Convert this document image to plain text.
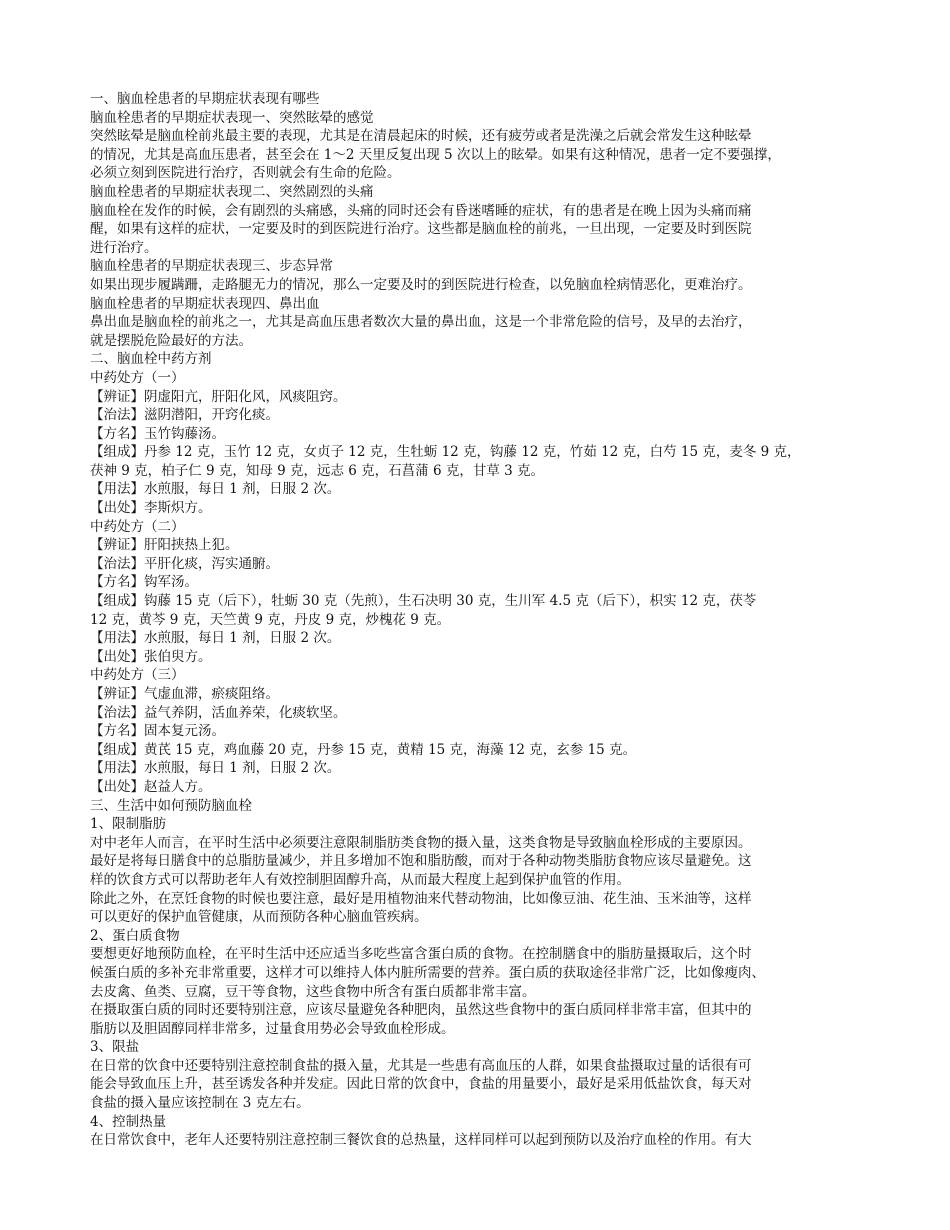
一、脑血栓患者的早期症状表现有哪些
脑血栓患者的早期症状表现一、突然眩晕的感觉
突然眩晕是脑血栓前兆最主要的表现，尤其是在清晨起床的时候，还有疲劳或者是洗澡之后就会常发生这种眩晕
的情况，尤其是高血压患者，甚至会在 1～2 天里反复出现 5 次以上的眩晕。如果有这种情况，患者一定不要强撑，
必须立刻到医院进行治疗，否则就会有生命的危险。
脑血栓患者的早期症状表现二、突然剧烈的头痛
脑血栓在发作的时候，会有剧烈的头痛感，头痛的同时还会有昏迷嗜睡的症状，有的患者是在晚上因为头痛而痛
醒，如果有这样的症状，一定要及时的到医院进行治疗。这些都是脑血栓的前兆，一旦出现，一定要及时到医院
进行治疗。
脑血栓患者的早期症状表现三、步态异常
如果出现步履蹒跚，走路腿无力的情况，那么一定要及时的到医院进行检查，以免脑血栓病情恶化，更难治疗。
脑血栓患者的早期症状表现四、鼻出血
鼻出血是脑血栓的前兆之一，尤其是高血压患者数次大量的鼻出血，这是一个非常危险的信号，及早的去治疗，
就是摆脱危险最好的方法。
二、脑血栓中药方剂
中药处方（一）
【辨证】阴虚阳亢，肝阳化风，风痰阻窍。
【治法】滋阴潜阳，开窍化痰。
【方名】玉竹钩藤汤。
【组成】丹参 12 克，玉竹 12 克，女贞子 12 克，生牡蛎 12 克，钩藤 12 克，竹茹 12 克，白芍 15 克，麦冬 9 克，
茯神 9 克，柏子仁 9 克，知母 9 克，远志 6 克，石菖蒲 6 克，甘草 3 克。
【用法】水煎服，每日 1 剂，日服 2 次。
【出处】李斯炽方。
中药处方（二）
【辨证】肝阳挟热上犯。
【治法】平肝化痰，泻实通腑。
【方名】钩军汤。
【组成】钩藤 15 克（后下），牡蛎 30 克（先煎），生石决明 30 克，生川军 4.5 克（后下），枳实 12 克，茯苓
12 克，黄芩 9 克，天竺黄 9 克，丹皮 9 克，炒槐花 9 克。
【用法】水煎服，每日 1 剂，日服 2 次。
【出处】张伯臾方。
中药处方（三）
【辨证】气虚血滞，瘀痰阻络。
【治法】益气养阴，活血养荣，化痰软坚。
【方名】固本复元汤。
【组成】黄芪 15 克，鸡血藤 20 克，丹参 15 克，黄精 15 克，海藻 12 克，玄参 15 克。
【用法】水煎服，每日 1 剂，日服 2 次。
【出处】赵益人方。
三、生活中如何预防脑血栓
1、限制脂肪
对中老年人而言，在平时生活中必须要注意限制脂肪类食物的摄入量，这类食物是导致脑血栓形成的主要原因。
最好是将每日膳食中的总脂肪量减少，并且多增加不饱和脂肪酸，而对于各种动物类脂肪食物应该尽量避免。这
样的饮食方式可以帮助老年人有效控制胆固醇升高，从而最大程度上起到保护血管的作用。
除此之外，在烹饪食物的时候也要注意，最好是用植物油来代替动物油，比如像豆油、花生油、玉米油等，这样
可以更好的保护血管健康，从而预防各种心脑血管疾病。
2、蛋白质食物
要想更好地预防血栓，在平时生活中还应适当多吃些富含蛋白质的食物。在控制膳食中的脂肪量摄取后，这个时
候蛋白质的多补充非常重要，这样才可以维持人体内脏所需要的营养。蛋白质的获取途径非常广泛，比如像瘦肉、
去皮禽、鱼类、豆腐，豆干等食物，这些食物中所含有蛋白质都非常丰富。
在摄取蛋白质的同时还要特别注意，应该尽量避免各种肥肉，虽然这些食物中的蛋白质同样非常丰富，但其中的
脂肪以及胆固醇同样非常多，过量食用势必会导致血栓形成。
3、限盐
在日常的饮食中还要特别注意控制食盐的摄入量，尤其是一些患有高血压的人群，如果食盐摄取过量的话很有可
能会导致血压上升，甚至诱发各种并发症。因此日常的饮食中，食盐的用量要小，最好是采用低盐饮食，每天对
食盐的摄入量应该控制在 3 克左右。
4、控制热量
在日常饮食中，老年人还要特别注意控制三餐饮食的总热量，这样同样可以起到预防以及治疗血栓的作用。有大
